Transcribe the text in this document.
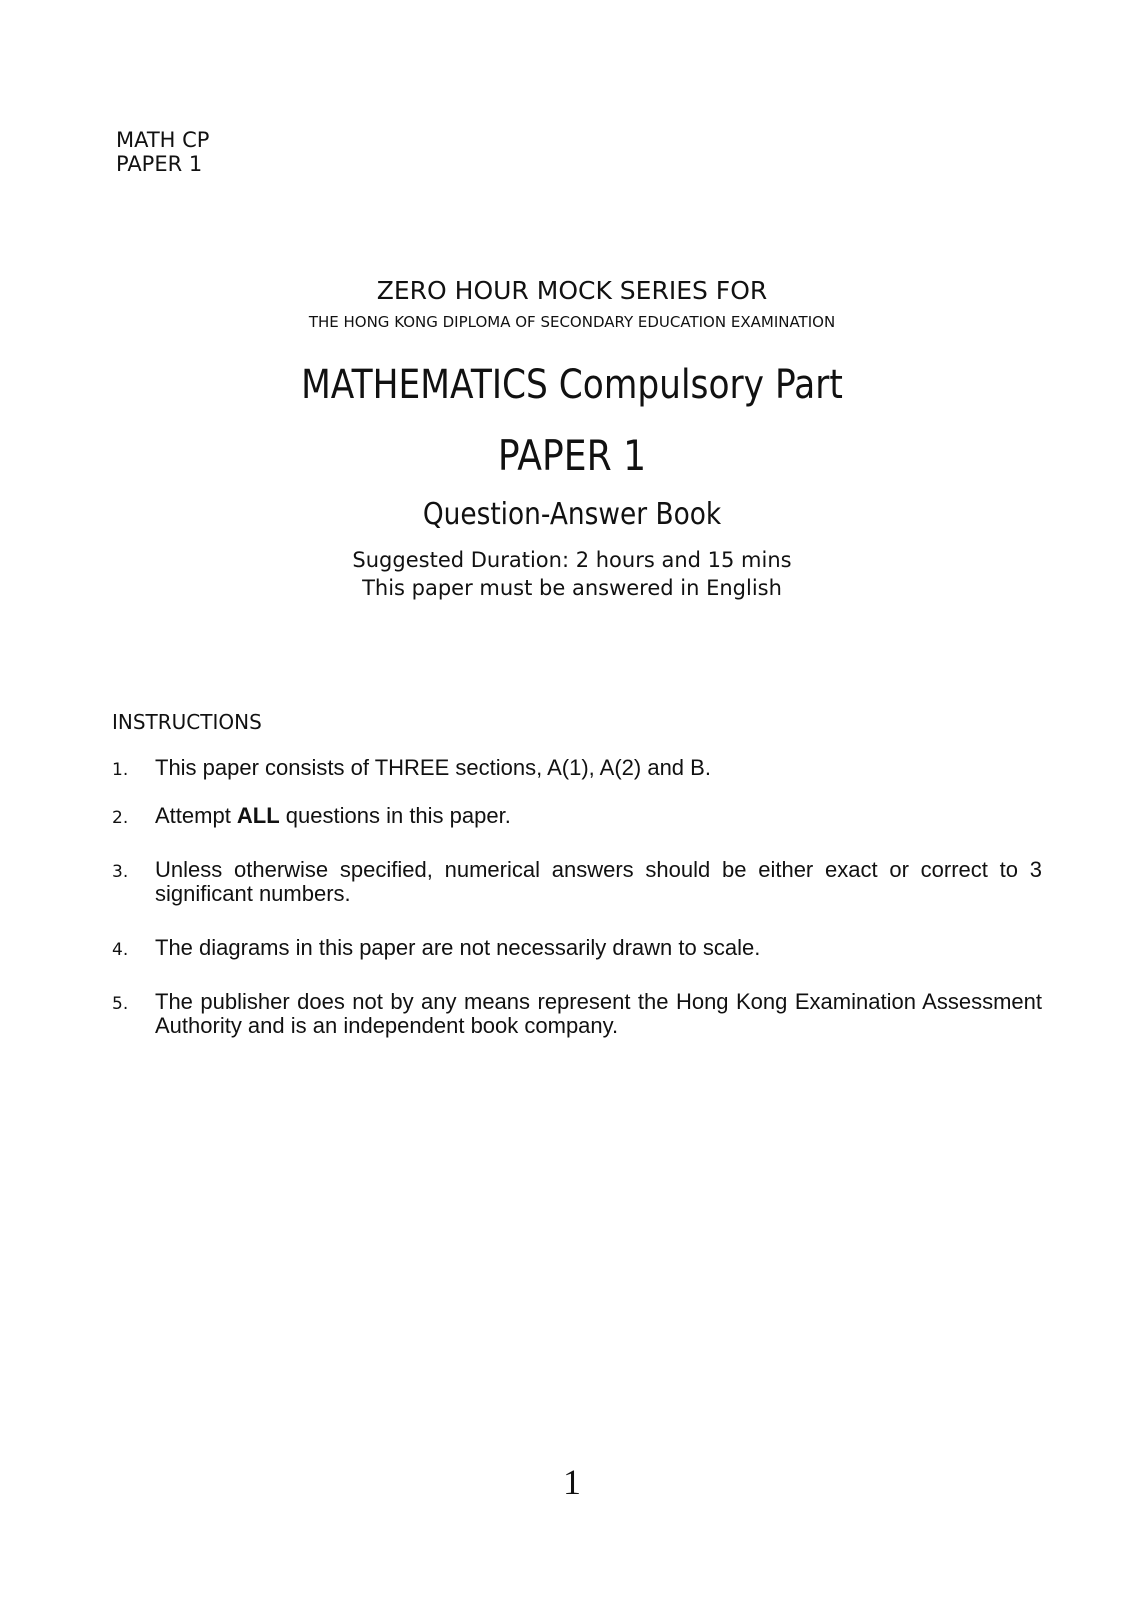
MATH CP
PAPER 1
ZERO HOUR MOCK SERIES FOR
THE HONG KONG DIPLOMA OF SECONDARY EDUCATION EXAMINATION
MATHEMATICS Compulsory Part
PAPER 1
Question-Answer Book
Suggested Duration: 2 hours and 15 mins
This paper must be answered in English
INSTRUCTIONS
1. This paper consists of THREE sections, A(1), A(2) and B.
2. Attempt ALL questions in this paper.
3. Unless otherwise specified, numerical answers should be either exact or correct to 3 significant numbers.
4. The diagrams in this paper are not necessarily drawn to scale.
5. The publisher does not by any means represent the Hong Kong Examination Assessment Authority and is an independent book company.
1
